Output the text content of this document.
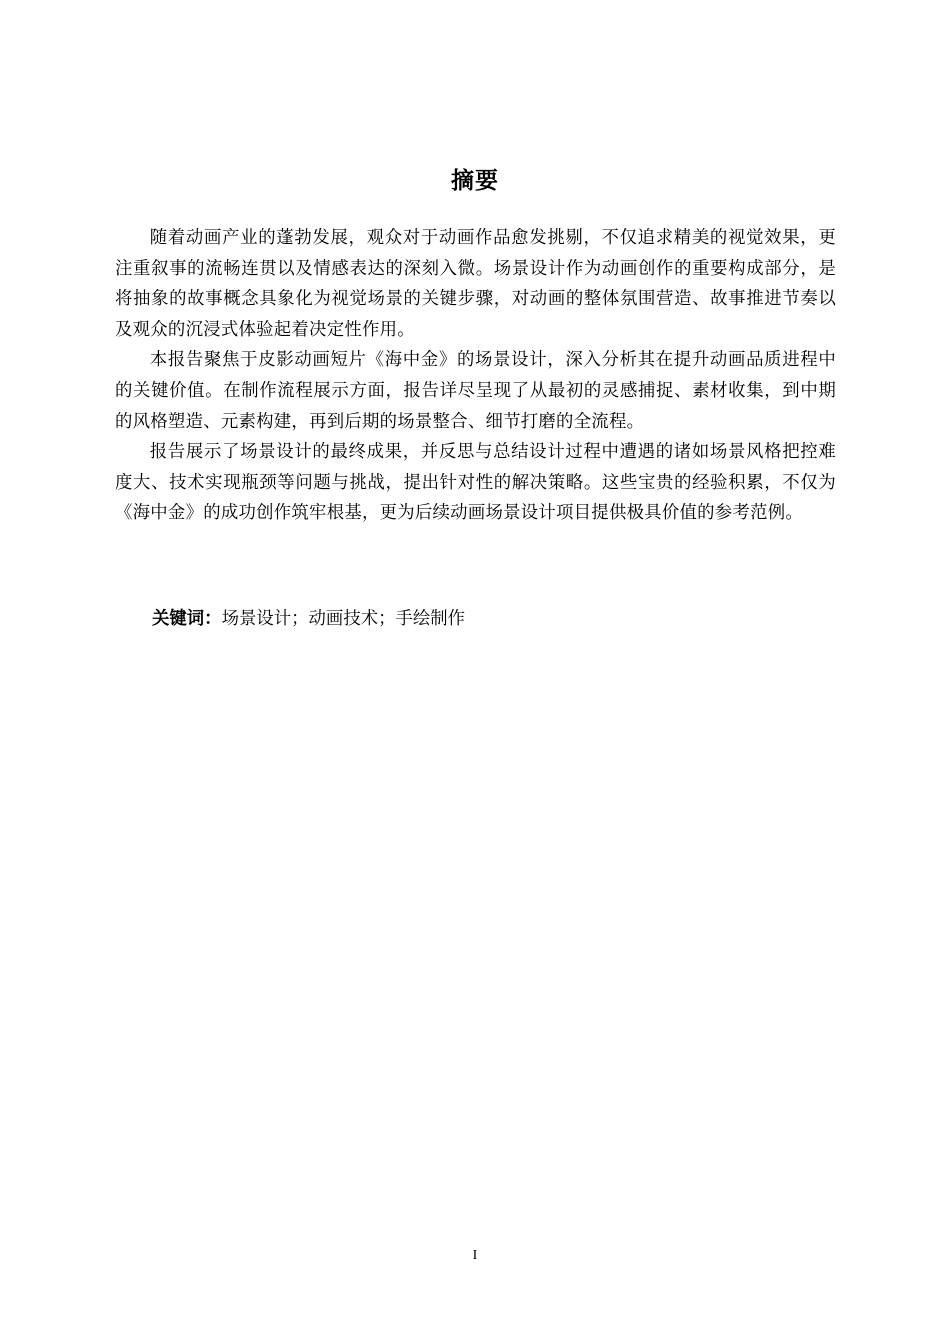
摘要

随着动画产业的蓬勃发展，观众对于动画作品愈发挑剔，不仅追求精美的视觉效果，更注重叙事的流畅连贯以及情感表达的深刻入微。场景设计作为动画创作的重要构成部分，是将抽象的故事概念具象化为视觉场景的关键步骤，对动画的整体氛围营造、故事推进节奏以及观众的沉浸式体验起着决定性作用。

本报告聚焦于皮影动画短片《海中金》的场景设计，深入分析其在提升动画品质进程中的关键价值。在制作流程展示方面，报告详尽呈现了从最初的灵感捕捉、素材收集，到中期的风格塑造、元素构建，再到后期的场景整合、细节打磨的全流程。

报告展示了场景设计的最终成果，并反思与总结设计过程中遭遇的诸如场景风格把控难度大、技术实现瓶颈等问题与挑战，提出针对性的解决策略。这些宝贵的经验积累，不仅为《海中金》的成功创作筑牢根基，更为后续动画场景设计项目提供极具价值的参考范例。

关键词：场景设计；动画技术；手绘制作
I
